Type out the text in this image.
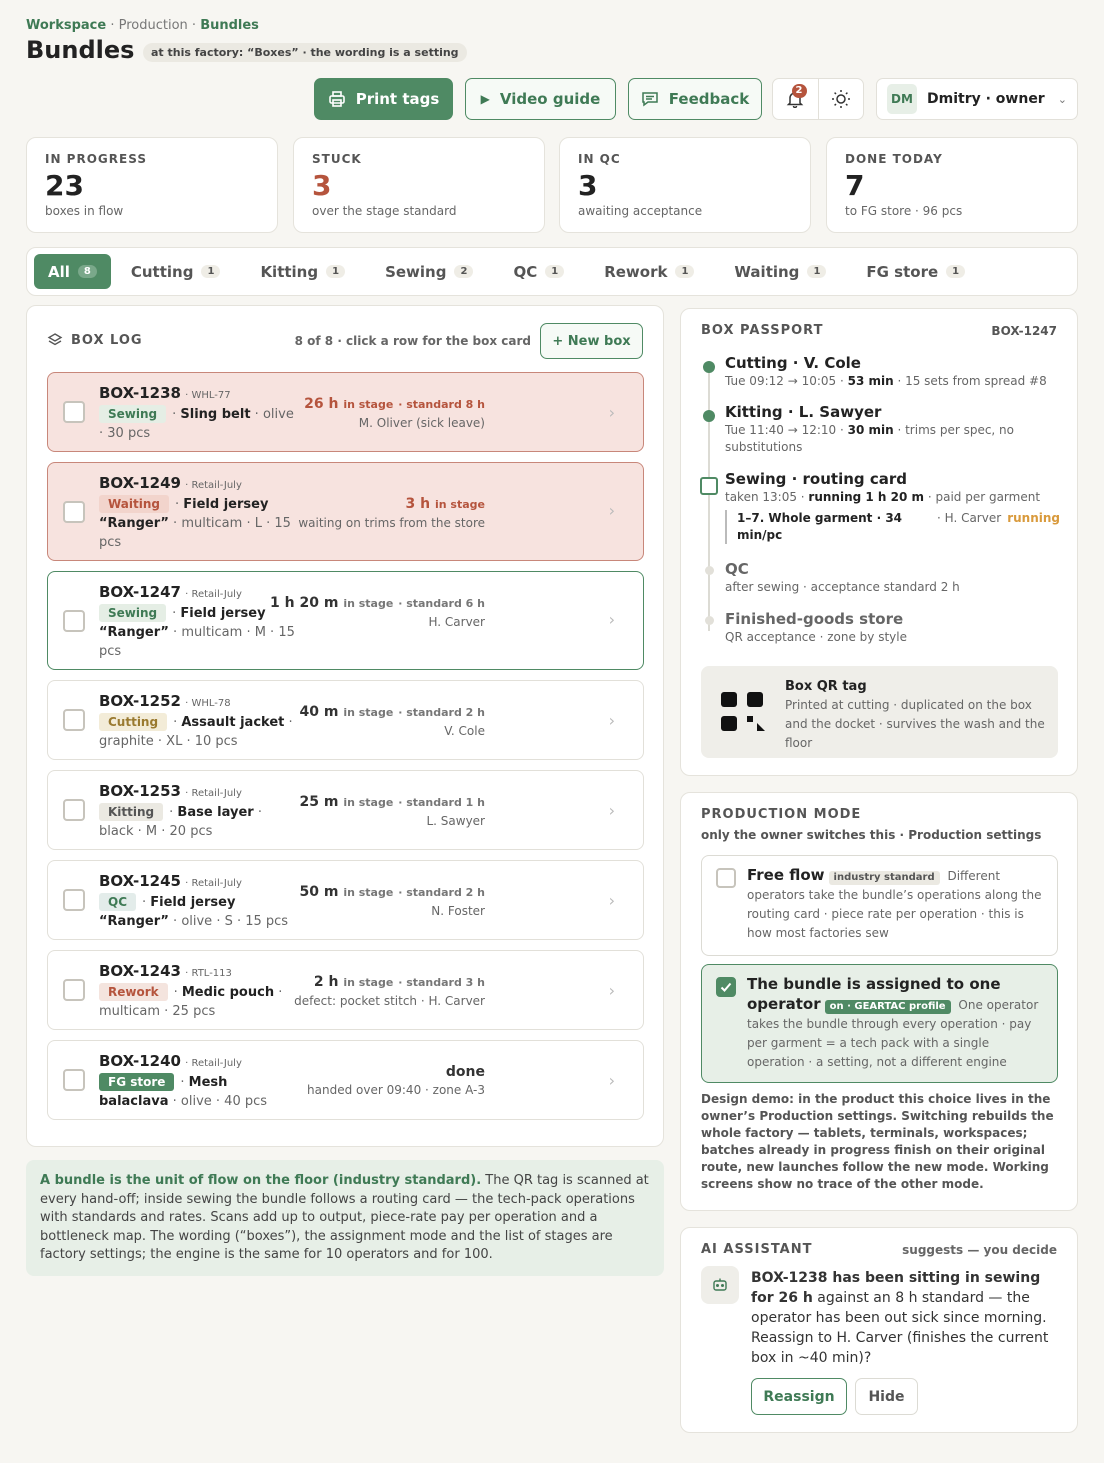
Workspace · Production · Bundles
Bundles	at this factory: “Boxes” · the wording is a setting
Print tags	▶ Video guide	Feedback	2
DM Dmitry · owner ⌄
IN PROGRESS
23
boxes in flow
STUCK
3
over the stage standard
IN QC
3
awaiting acceptance
DONE TODAY
7
to FG store · 96 pcs
All	8	Cutting	1	Kitting	1	Sewing	2	QC	1	Rework	1	Waiting	1	FG store	1
BOX LOG	8 of 8 · click a row for the box card	+ New box
BOX-1238 · WHL-77
Sewing · Sling belt · olive · 30 pcs
26 h in stage · standard 8 h
M. Oliver (sick leave)
›
BOX-1249 · Retail-July
Waiting · Field jersey “Ranger” · multicam · L · 15 pcs
3 h in stage
waiting on trims from the store
›
BOX-1247 · Retail-July
Sewing · Field jersey “Ranger” · multicam · M · 15 pcs
1 h 20 m in stage · standard 6 h
H. Carver	›
BOX-1252 · WHL-78
Cutting · Assault jacket · graphite · XL · 10 pcs
40 m in stage · standard 2 h
V. Cole
›
BOX-1253 · Retail-July
Kitting · Base layer · black · M · 20 pcs
25 m in stage · standard 1 h
L. Sawyer
›
BOX-1245 · Retail-July
QC · Field jersey “Ranger” · olive · S · 15 pcs
50 m in stage · standard 2 h
N. Foster
›
BOX-1243 · RTL-113
Rework · Medic pouch · multicam · 25 pcs
2 h in stage · standard 3 h
defect: pocket stitch · H. Carver
›
BOX-1240 · Retail-July
FG store · Mesh balaclava · olive · 40 pcs
done
handed over 09:40 · zone A-3	›
A bundle is the unit of flow on the floor (industry standard). The QR tag is scanned at every hand-off; inside sewing the bundle follows a routing card — the tech-pack operations with standards and rates. Scans add up to output, piece-rate pay per operation and a bottleneck map. The wording (“boxes”), the assignment mode and the list of stages are factory settings; the engine is the same for 10 operators and for 100.
BOX PASSPORT	BOX-1247
Cutting · V. Cole
Tue 09:12 → 10:05 · 53 min · 15 sets from spread #8
Kitting · L. Sawyer
Tue 11:40 → 12:10 · 30 min · trims per spec, no substitutions
Sewing · routing card
taken 13:05 · running 1 h 20 m · paid per garment
1–7. Whole garment · 34 min/pc
· H. Carver running
QC
after sewing · acceptance standard 2 h
Finished-goods store
QR acceptance · zone by style
Box QR tag
Printed at cutting · duplicated on the box and the docket · survives the wash and the floor
PRODUCTION MODE
only the owner switches this · Production settings
Free flow industry standard Different operators take the bundle’s operations along the routing card · piece rate per operation · this is how most factories sew
The bundle is assigned to one operator on · GEARTAC profile One operator takes the bundle through every operation · pay per garment = a tech pack with a single operation · a setting, not a different engine
Design demo: in the product this choice lives in the owner’s Production settings. Switching rebuilds the whole factory — tablets, terminals, workspaces; batches already in progress finish on their original route, new launches follow the new mode. Working screens show no trace of the other mode.
AI ASSISTANT	suggests — you decide
BOX-1238 has been sitting in sewing for 26 h against an 8 h standard — the operator has been out sick since morning. Reassign to H. Carver (finishes the current box in ~40 min)?
Reassign	Hide
